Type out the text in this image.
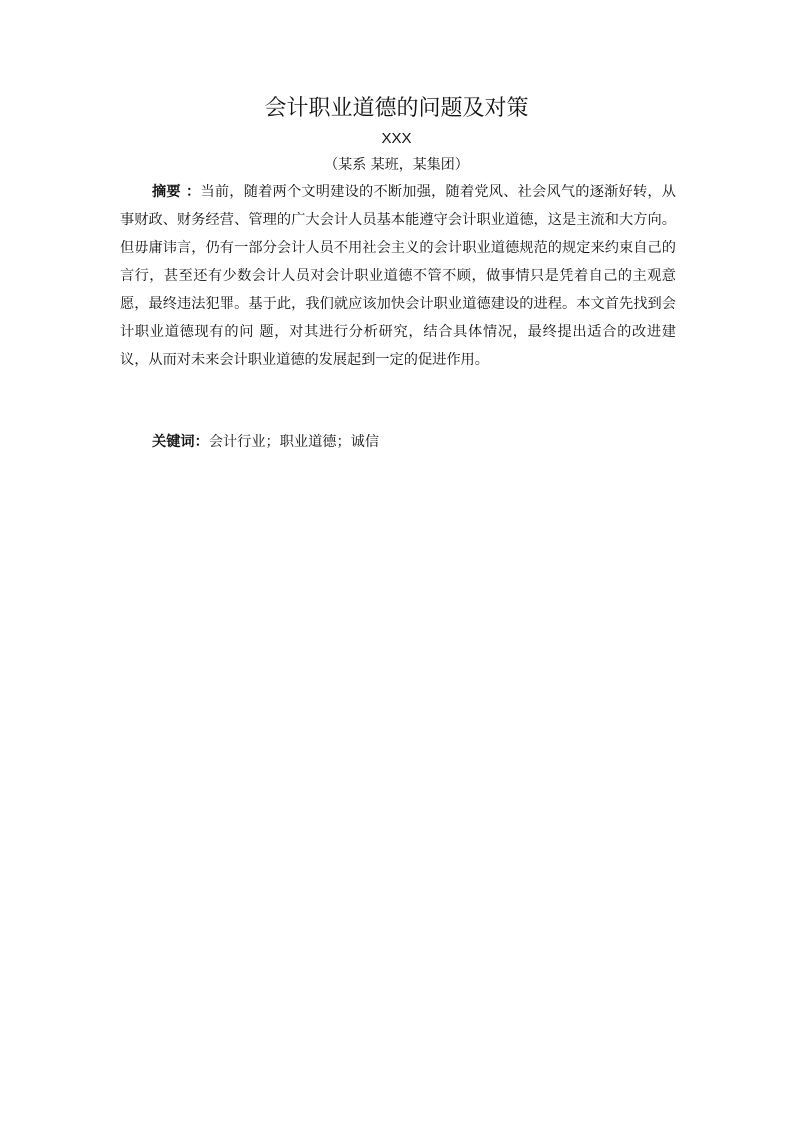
会计职业道德的问题及对策
XXX
（某系 某班，某集团）

摘要 ：当前，随着两个文明建设的不断加强，随着党风、社会风气的逐渐好转，从事财政、财务经营、管理的广大会计人员基本能遵守会计职业道德，这是主流和大方向。但毋庸讳言，仍有一部分会计人员不用社会主义的会计职业道德规范的规定来约束自己的言行，甚至还有少数会计人员对会计职业道德不管不顾，做事情只是凭着自己的主观意愿，最终违法犯罪。基于此，我们就应该加快会计职业道德建设的进程。本文首先找到会计职业道德现有的问 题，对其进行分析研究，结合具体情况，最终提出适合的改进建议，从而对未来会计职业道德的发展起到一定的促进作用。

关键词：会计行业；职业道德；诚信
